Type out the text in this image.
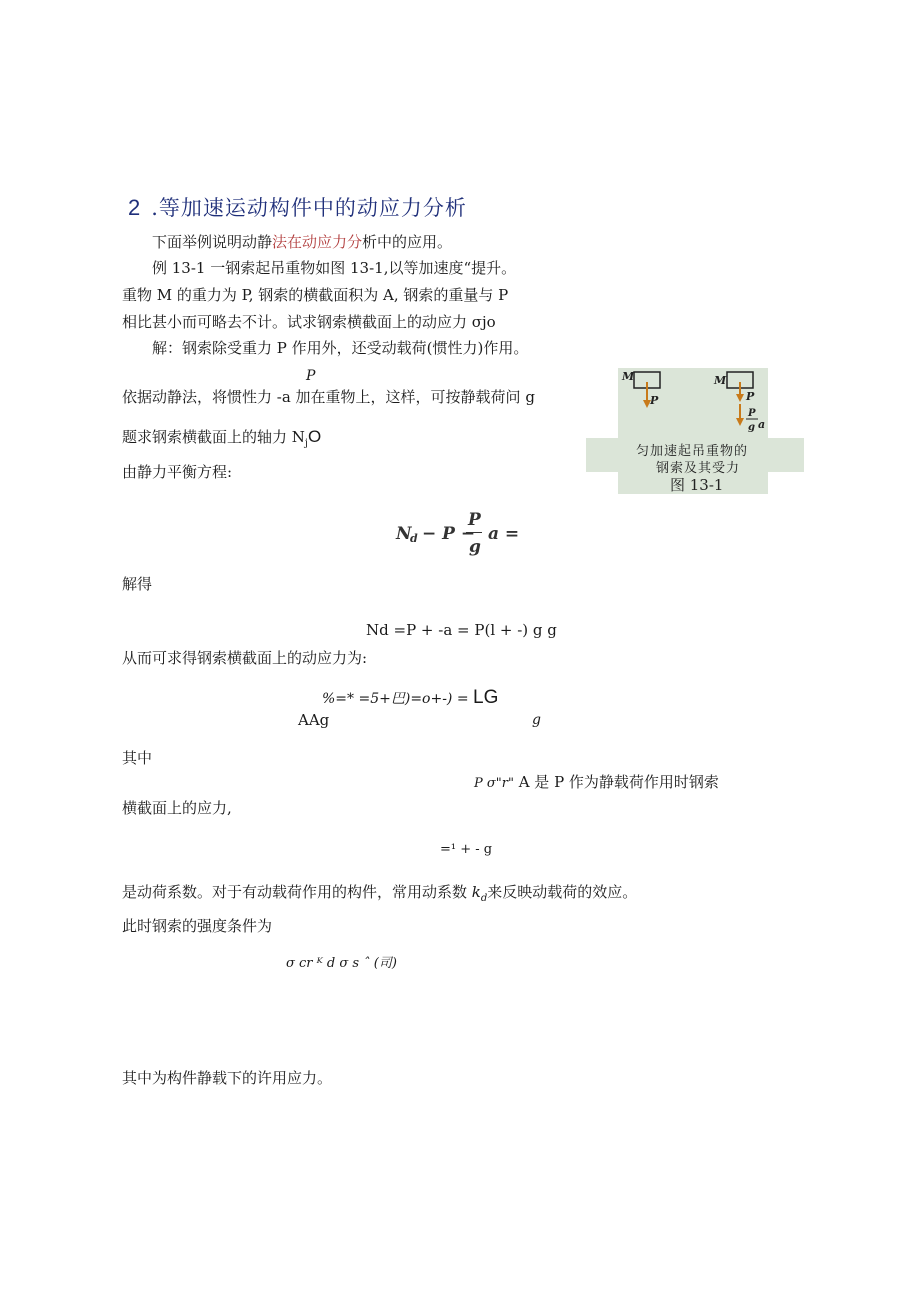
2 .等加速运动构件中的动应力分析
下面举例说明动静法在动应力分析中的应用。
例 13-1 一钢索起吊重物如图 13-1,以等加速度“提升。
重物 M 的重力为 P, 钢索的横截面积为 A, 钢索的重量与 P
相比甚小而可略去不计。试求钢索横截面上的动应力 σjo
解：钢索除受重力 P 作用外，还受动载荷(惯性力)作用。
P
依据动静法，将惯性力 -a 加在重物上，这样，可按静载荷问 g
题求钢索横截面上的轴力 $N_jO$
M
P
M
P
P
g a
匀加速起吊重物的
钢索及其受力
图 13-1
由静力平衡方程:
N
d − P −
P
g
a =
解得
Nd =P + -a = P(l + -) g g
从而可求得钢索横截面上的动应力为:
%=* =5+巴)=o+-) = LG
AAg	g
其中
P σ"r" A 是 P 作为静载荷作用时钢索
横截面上的应力,
=¹ + - g
是动荷系数。对于有动载荷作用的构件，常用动系数 $k_d$来反映动载荷的效应。
此时钢索的强度条件为
σ cr ᴷ d σ s ˆ (司)
其中为构件静载下的许用应力。
